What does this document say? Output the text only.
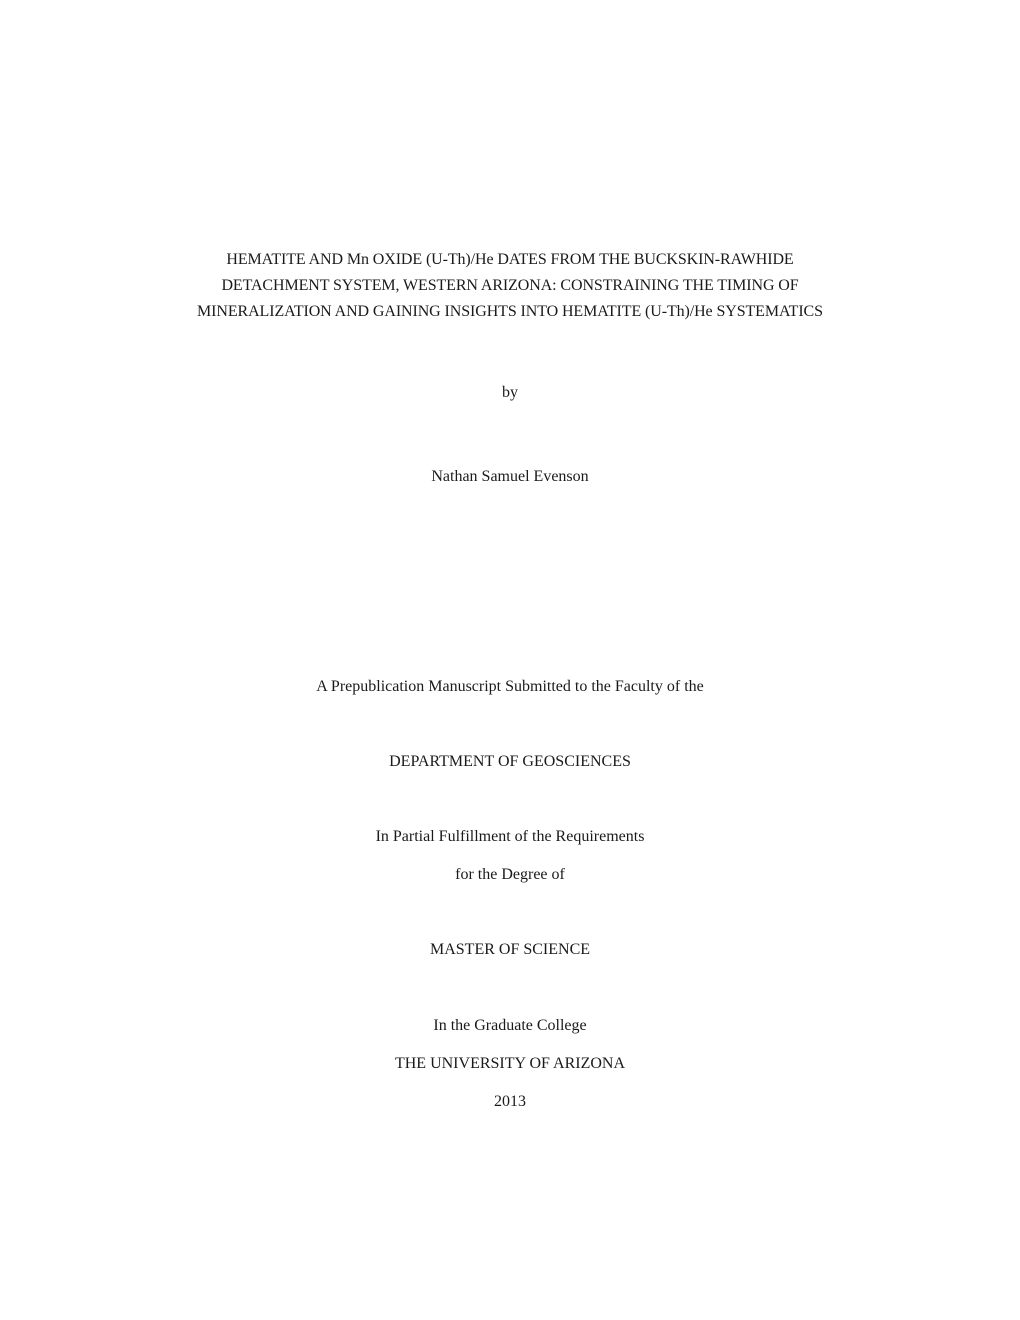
HEMATITE AND Mn OXIDE (U-Th)/He DATES FROM THE BUCKSKIN-RAWHIDE
DETACHMENT SYSTEM, WESTERN ARIZONA: CONSTRAINING THE TIMING OF
MINERALIZATION AND GAINING INSIGHTS INTO HEMATITE (U-Th)/He SYSTEMATICS
by
Nathan Samuel Evenson
A Prepublication Manuscript Submitted to the Faculty of the
DEPARTMENT OF GEOSCIENCES
In Partial Fulfillment of the Requirements
for the Degree of
MASTER OF SCIENCE
In the Graduate College
THE UNIVERSITY OF ARIZONA
2013
